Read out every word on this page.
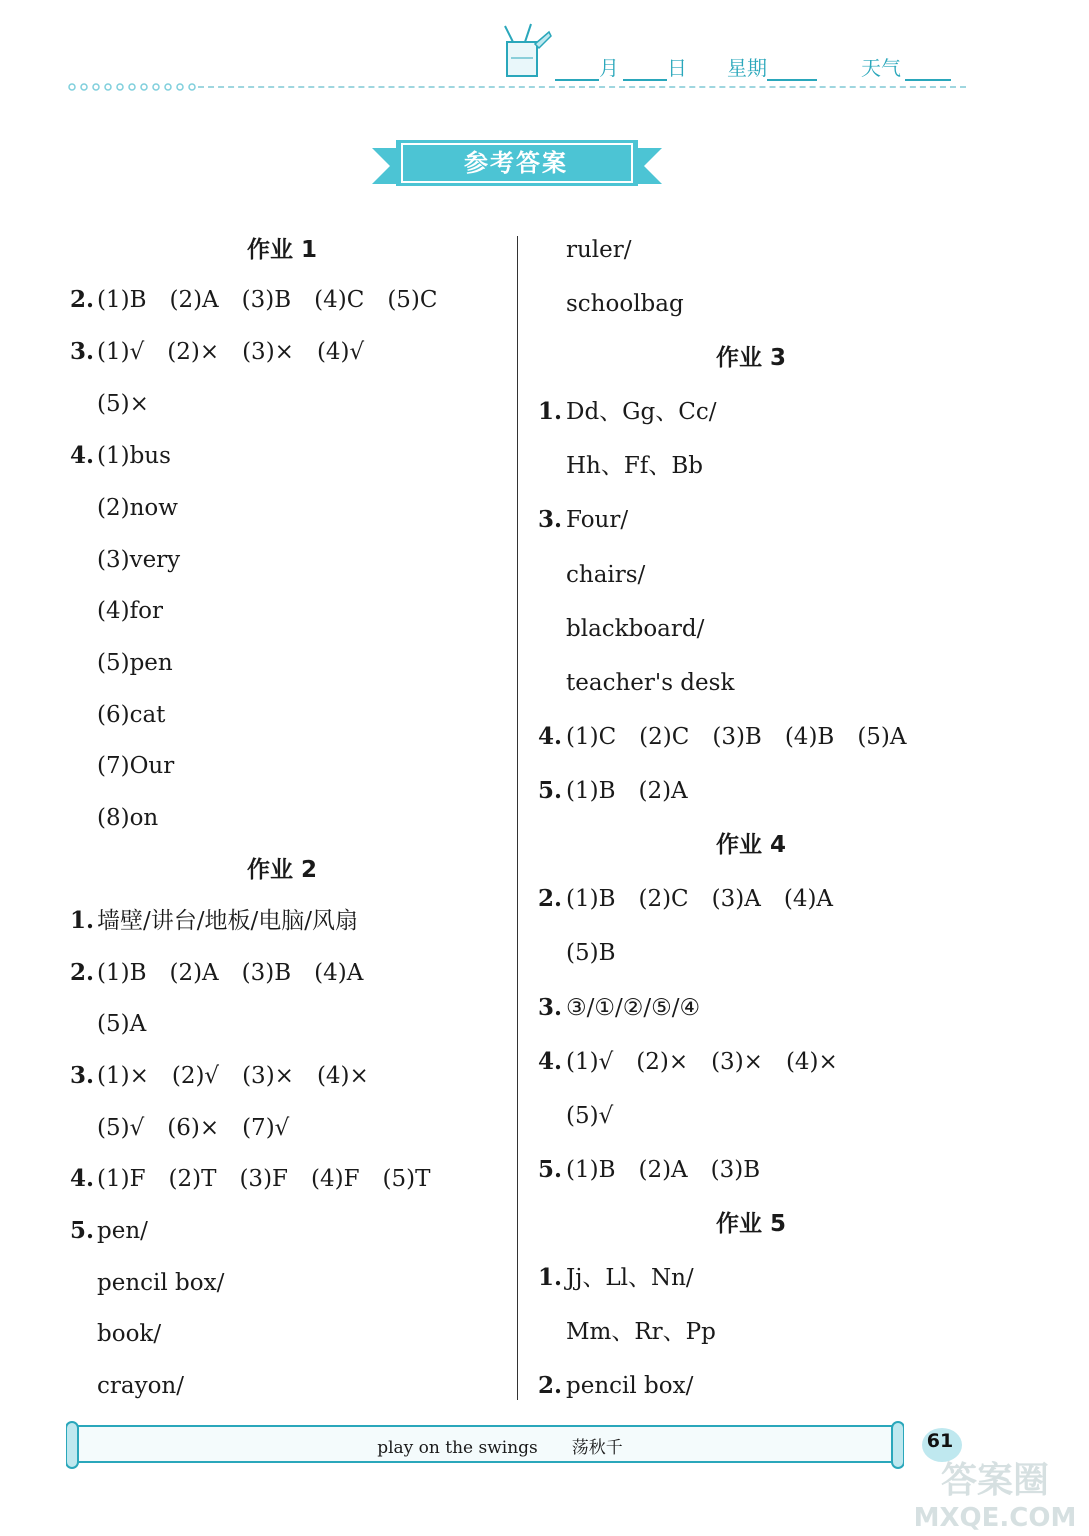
月 日 星期	天气
参考答案
play on the swings　　荡秋千	61
答案圈
MXQE.COM
作业 1
2. (1)B　(2)A　(3)B　(4)C　(5)C
3. (1)√　(2)×　(3)×　(4)√
(5)×
4. (1)bus
(2)now
(3)very
(4)for
(5)pen
(6)cat
(7)Our
(8)on
作业 2
1. 墙壁/讲台/地板/电脑/风扇
2. (1)B　(2)A　(3)B　(4)A
(5)A
3. (1)×　(2)√　(3)×　(4)×
(5)√　(6)×　(7)√
4. (1)F　(2)T　(3)F　(4)F　(5)T
5. pen/
pencil box/
book/
crayon/
ruler/
schoolbag
作业 3
1. Dd、Gg、Cc/
Hh、Ff、Bb
3. Four/
chairs/
blackboard/
teacher's desk
4. (1)C　(2)C　(3)B　(4)B　(5)A
5. (1)B　(2)A
作业 4
2. (1)B　(2)C　(3)A　(4)A
(5)B
3. ③/①/②/⑤/④
4. (1)√　(2)×　(3)×　(4)×
(5)√
5. (1)B　(2)A　(3)B
作业 5
1. Jj、Ll、Nn/
Mm、Rr、Pp
2. pencil box/
